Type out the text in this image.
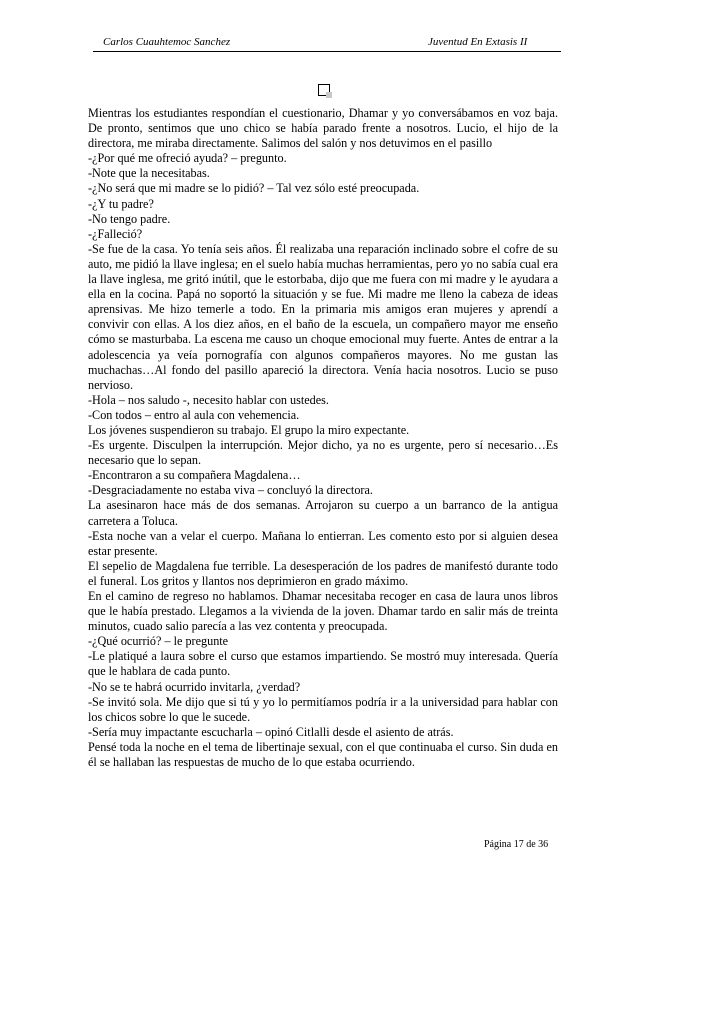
Carlos Cuauhtemoc Sanchez	Juventud En Extasis II

Mientras los estudiantes respondían el cuestionario, Dhamar y yo conversábamos en voz baja. De pronto, sentimos que uno chico se había parado frente a nosotros. Lucio, el hijo de la directora, me miraba directamente. Salimos del salón y nos detuvimos en el pasillo

-¿Por qué me ofreció ayuda? – pregunto.

-Note que la necesitabas.

-¿No será que mi madre se lo pidió? – Tal vez sólo esté preocupada.

-¿Y tu padre?

-No tengo padre.

-¿Falleció?

-Se fue de la casa. Yo tenía seis años. Él realizaba una reparación inclinado sobre el cofre de su auto, me pidió la llave inglesa; en el suelo había muchas herramientas, pero yo no sabía cual era la llave inglesa, me gritó inútil, que le estorbaba, dijo que me fuera con mi madre y le ayudara a ella en la cocina. Papá no soportó la situación y se fue. Mi madre me lleno la cabeza de ideas aprensivas. Me hizo temerle a todo. En la primaria mis amigos eran mujeres y aprendí a convivir con ellas. A los diez años, en el baño de la escuela, un compañero mayor me enseño cómo se masturbaba. La escena me causo un choque emocional muy fuerte. Antes de entrar a la adolescencia ya veía pornografía con algunos compañeros mayores. No me gustan las muchachas…Al fondo del pasillo apareció la directora. Venía hacia nosotros. Lucio se puso nervioso.

-Hola – nos saludo -, necesito hablar con ustedes.

-Con todos – entro al aula con vehemencia.

Los jóvenes suspendieron su trabajo. El grupo la miro expectante.

-Es urgente. Disculpen la interrupción. Mejor dicho, ya no es urgente, pero sí necesario…Es necesario que lo sepan.

-Encontraron a su compañera Magdalena…

-Desgraciadamente no estaba viva – concluyó la directora.

La asesinaron hace más de dos semanas. Arrojaron su cuerpo a un barranco de la antigua carretera a Toluca.

-Esta noche van a velar el cuerpo. Mañana lo entierran. Les comento esto por si alguien desea estar presente.

El sepelio de Magdalena fue terrible. La desesperación de los padres de manifestó durante todo el funeral. Los gritos y llantos nos deprimieron en grado máximo.

En el camino de regreso no hablamos. Dhamar necesitaba recoger en casa de laura unos libros que le había prestado. Llegamos a la vivienda de la joven. Dhamar tardo en salir más de treinta minutos, cuado salio parecía a las vez contenta y preocupada.

-¿Qué ocurrió? – le pregunte

-Le platiqué a laura sobre el curso que estamos impartiendo. Se mostró muy interesada. Quería que le hablara de cada punto.

-No se te habrá ocurrido invitarla, ¿verdad?

-Se invitó sola. Me dijo que si tú y yo lo permitíamos podría ir a la universidad para hablar con los chicos sobre lo que le sucede.

-Sería muy impactante escucharla – opinó Citlalli desde el asiento de atrás.

Pensé toda la noche en el tema de libertinaje sexual, con el que continuaba el curso. Sin duda en él se hallaban las respuestas de mucho de lo que estaba ocurriendo.

Página 17 de 36
